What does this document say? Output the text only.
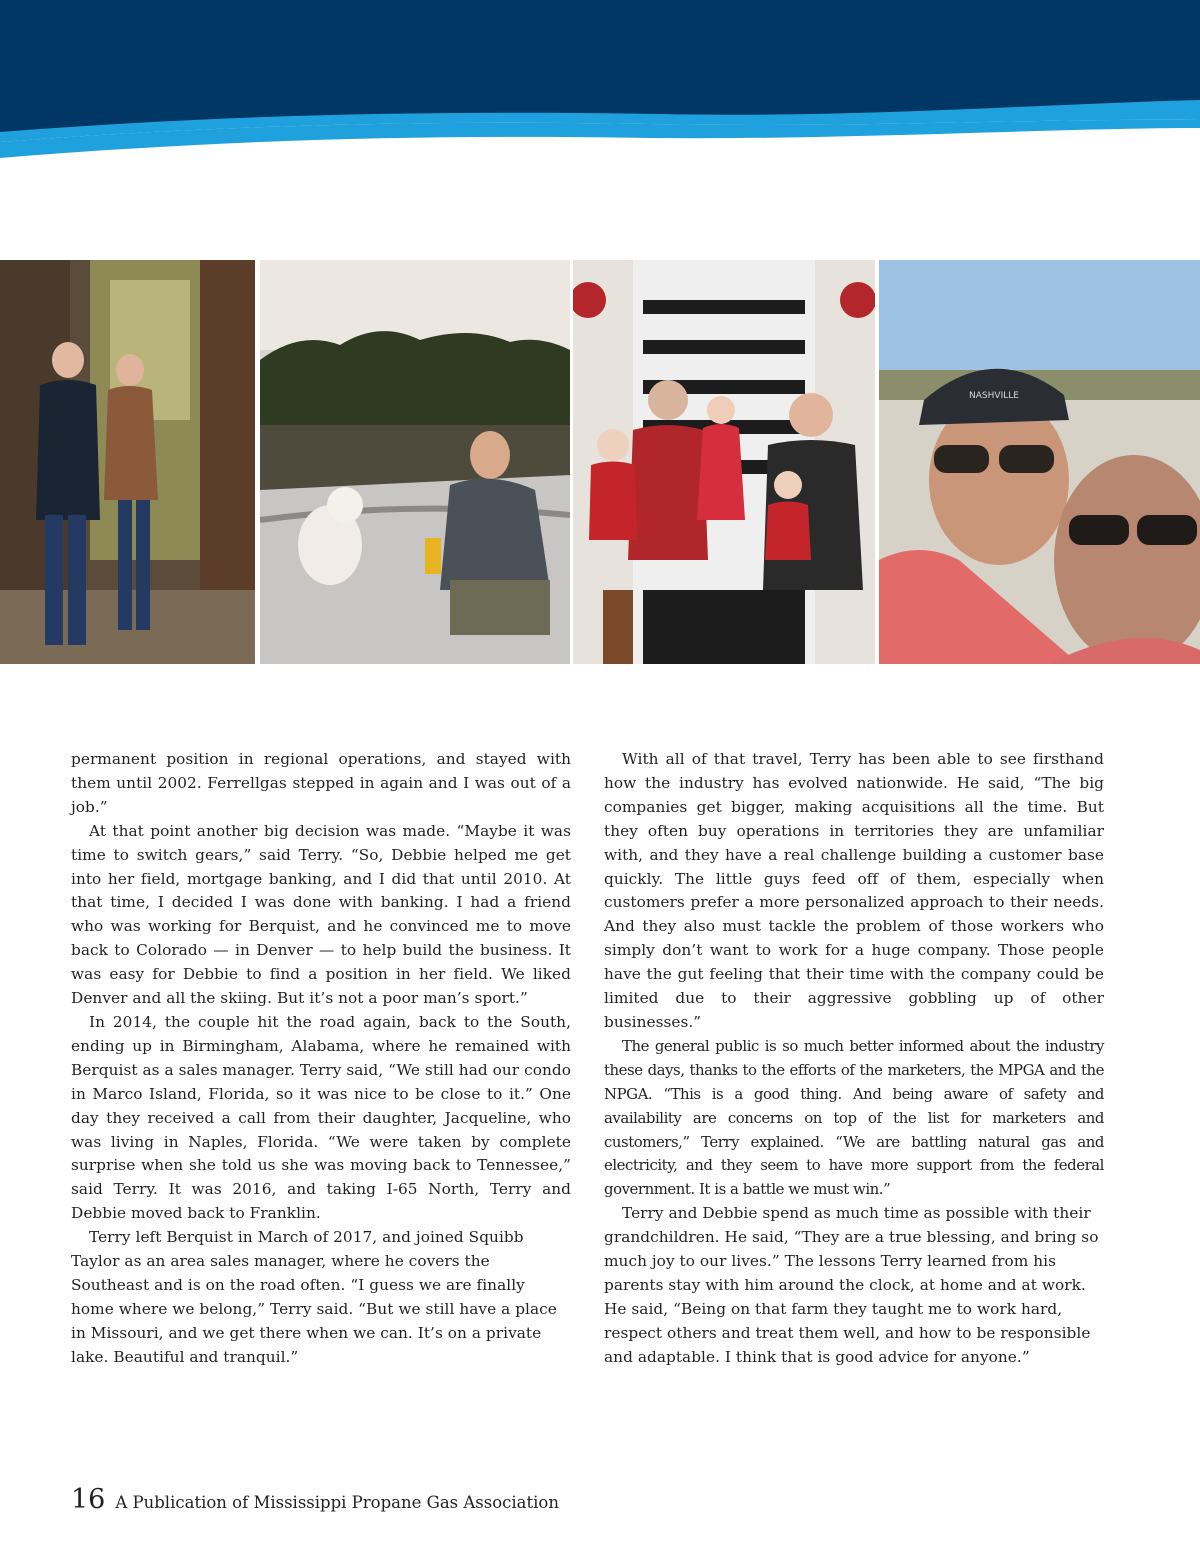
NASHVILLE

permanent position in regional operations, and stayed with them until 2002. Ferrellgas stepped in again and I was out of a job.”

At that point another big decision was made. “Maybe it was time to switch gears,” said Terry. “So, Debbie helped me get into her field, mortgage banking, and I did that until 2010. At that time, I decided I was done with banking. I had a friend who was working for Berquist, and he convinced me to move back to Colorado — in Denver — to help build the business. It was easy for Debbie to find a position in her field. We liked Denver and all the skiing. But it’s not a poor man’s sport.”

In 2014, the couple hit the road again, back to the South, ending up in Birmingham, Alabama, where he remained with Berquist as a sales manager. Terry said, “We still had our condo in Marco Island, Florida, so it was nice to be close to it.” One day they received a call from their daughter, Jacqueline, who was living in Naples, Florida. “We were taken by complete surprise when she told us she was moving back to Tennessee,” said Terry. It was 2016, and taking I-65 North, Terry and Debbie moved back to Franklin.

Terry left Berquist in March of 2017, and joined Squibb Taylor as an area sales manager, where he covers the Southeast and is on the road often. “I guess we are finally home where we belong,” Terry said. “But we still have a place in Missouri, and we get there when we can. It’s on a private lake. Beautiful and tranquil.”

With all of that travel, Terry has been able to see firsthand how the industry has evolved nationwide. He said, “The big companies get bigger, making acquisitions all the time. But they often buy operations in territories they are unfamiliar with, and they have a real challenge building a customer base quickly. The little guys feed off of them, especially when customers prefer a more personalized approach to their needs. And they also must tackle the problem of those workers who simply don’t want to work for a huge company. Those people have the gut feeling that their time with the company could be limited due to their aggressive gobbling up of other businesses.”

The general public is so much better informed about the industry these days, thanks to the efforts of the marketers, the MPGA and the NPGA. “This is a good thing. And being aware of safety and availability are concerns on top of the list for marketers and customers,” Terry explained. “We are battling natural gas and electricity, and they seem to have more support from the federal government. It is a battle we must win.”

Terry and Debbie spend as much time as possible with their grandchildren. He said, “They are a true blessing, and bring so much joy to our lives.” The lessons Terry learned from his parents stay with him around the clock, at home and at work. He said, “Being on that farm they taught me to work hard, respect others and treat them well, and how to be responsible and adaptable. I think that is good advice for anyone.”

16 A Publication of Mississippi Propane Gas Association
